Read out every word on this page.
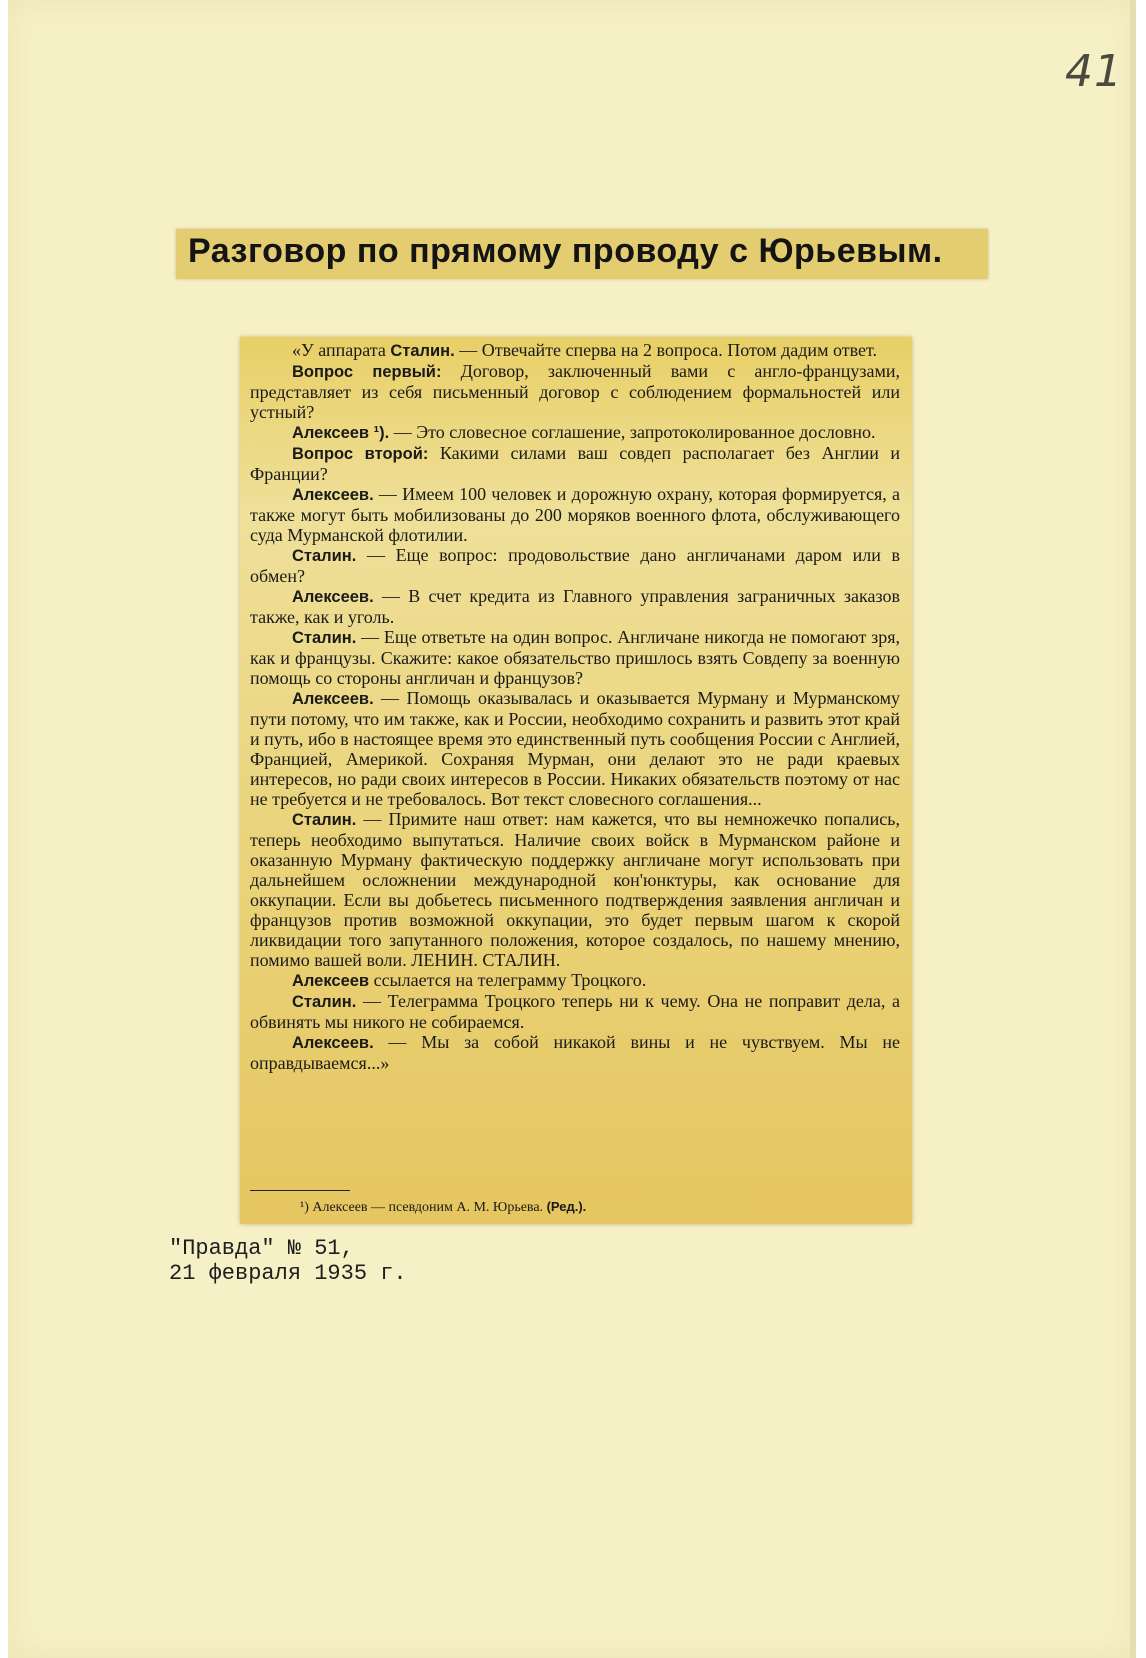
41
Разговор по прямому проводу с Юрьевым.

«У аппарата Сталин. — Отвечайте сперва на 2 вопроса. Потом дадим ответ.

Вопрос первый: Договор, заключенный вами с англо-французами, представляет из себя письменный договор с соблюдением формальностей или устный?

Алексеев ¹). — Это словесное соглашение, запротоколированное дословно.

Вопрос второй: Какими силами ваш совдеп располагает без Англии и Франции?

Алексеев. — Имеем 100 человек и дорожную охрану, которая формируется, а также могут быть мобилизованы до 200 моряков военного флота, обслуживающего суда Мурманской флотилии.

Сталин. — Еще вопрос: продовольствие дано англичанами даром или в обмен?

Алексеев. — В счет кредита из Главного управления заграничных заказов также, как и уголь.

Сталин. — Еще ответьте на один вопрос. Англичане никогда не помогают зря, как и французы. Скажите: какое обязательство пришлось взять Совдепу за военную помощь со стороны англичан и французов?

Алексеев. — Помощь оказывалась и оказывается Мурману и Мурманскому пути потому, что им также, как и России, необходимо сохранить и развить этот край и путь, ибо в настоящее время это единственный путь сообщения России с Англией, Францией, Америкой. Сохраняя Мурман, они делают это не ради краевых интересов, но ради своих интересов в России. Никаких обязательств поэтому от нас не требуется и не требовалось. Вот текст словесного соглашения...

Сталин. — Примите наш ответ: нам кажется, что вы немножечко попались, теперь необходимо выпутаться. Наличие своих войск в Мурманском районе и оказанную Мурману фактическую поддержку англичане могут использовать при дальнейшем осложнении международной кон'юнктуры, как основание для оккупации. Если вы добьетесь письменного подтверждения заявления англичан и французов против возможной оккупации, это будет первым шагом к скорой ликвидации того запутанного положения, которое создалось, по нашему мнению, помимо вашей воли. ЛЕНИН. СТАЛИН.

Алексеев ссылается на телеграмму Троцкого.

Сталин. — Телеграмма Троцкого теперь ни к чему. Она не поправит дела, а обвинять мы никого не собираемся.

Алексеев. — Мы за собой никакой вины и не чувствуем. Мы не оправдываемся...»

¹) Алексеев — псевдоним А. М. Юрьева. (Ред.).
"Правда" № 51,
21 февраля 1935 г.
